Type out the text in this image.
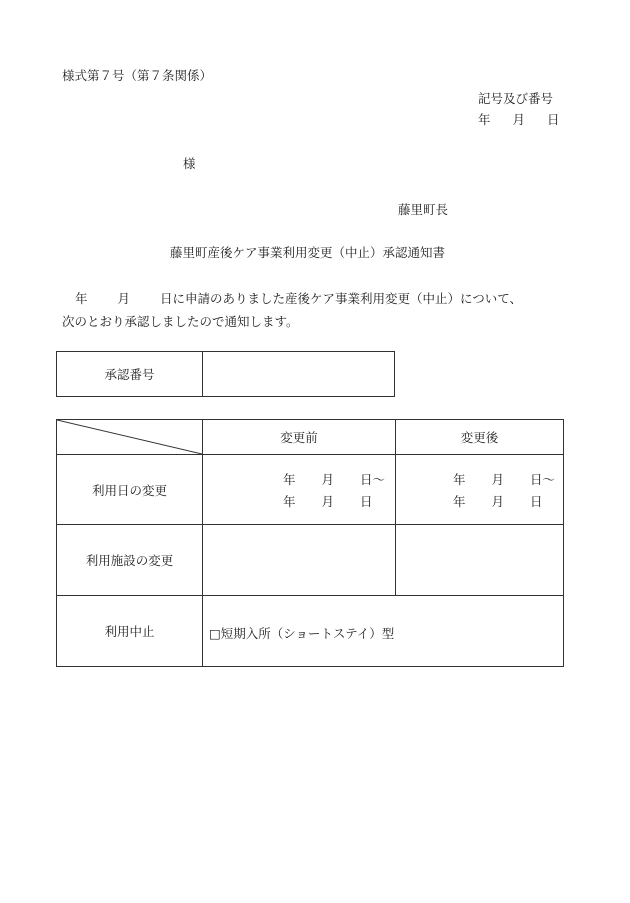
様式第７号（第７条関係）
記号及び番号
年 月 日
様
藤里町長
藤里町産後ケア事業利用変更（中止）承認通知書
年 月 日に申請のありました産後ケア事業利用変更（中止）について、
次のとおり承認しましたので通知します。
承認番号
変更前	変更後
利用日の変更
年 月 日～
年 月 日
年 月 日～
年 月 日
利用施設の変更
利用中止	□短期入所（ショートステイ）型
